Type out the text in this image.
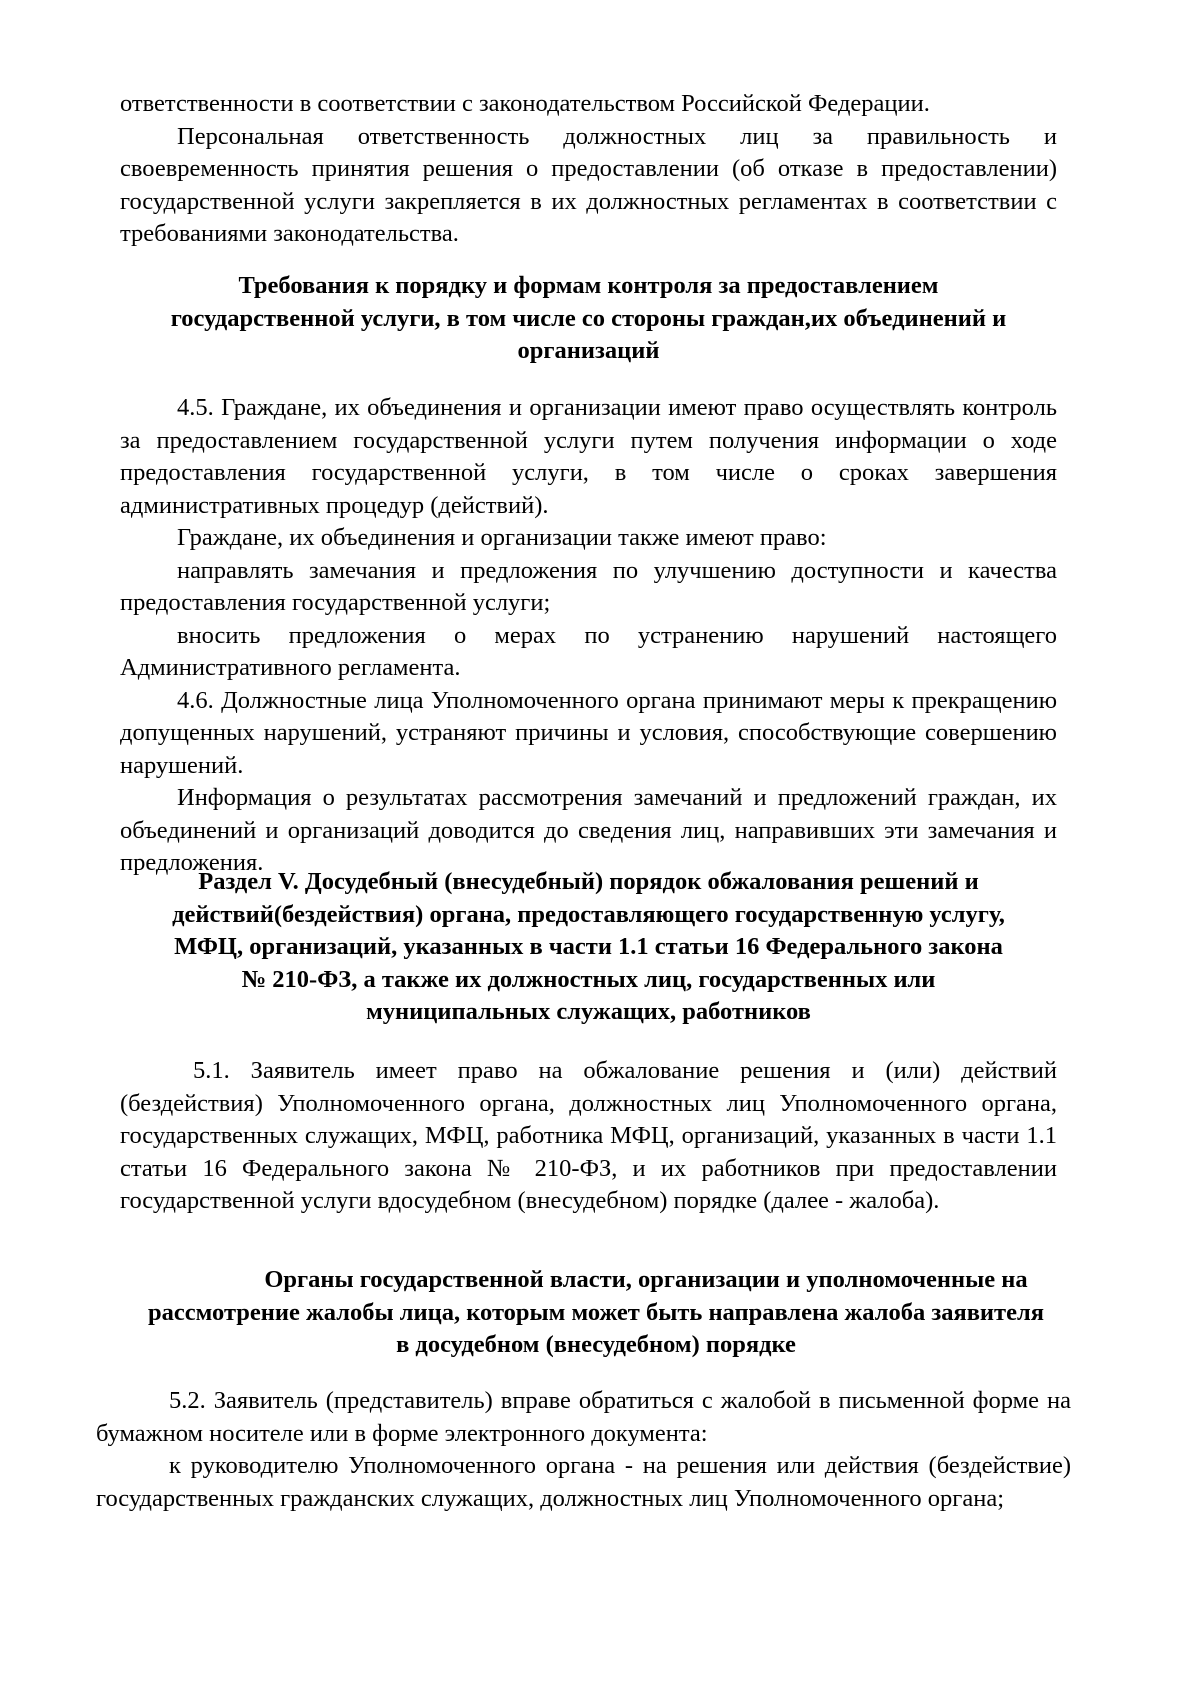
ответственности в соответствии с законодательством Российской Федерации.

Персональная ответственность должностных лиц за правильность и своевременность принятия решения о предоставлении (об отказе в предоставлении) государственной услуги закрепляется в их должностных регламентах в соответствии с требованиями законодательства.

Требования к порядку и формам контроля за предоставлением
государственной услуги, в том числе со стороны граждан,их объединений и
организаций

4.5. Граждане, их объединения и организации имеют право осуществлять контроль за предоставлением государственной услуги путем получения информации о ходе предоставления государственной услуги, в том числе о сроках завершения административных процедур (действий).

Граждане, их объединения и организации также имеют право:

направлять замечания и предложения по улучшению доступности и качества предоставления государственной услуги;

вносить предложения о мерах по устранению нарушений настоящего Административного регламента.

4.6. Должностные лица Уполномоченного органа принимают меры к прекращению допущенных нарушений, устраняют причины и условия, способствующие совершению нарушений.

Информация о результатах рассмотрения замечаний и предложений граждан, их объединений и организаций доводится до сведения лиц, направивших эти замечания и предложения.

Раздел V. Досудебный (внесудебный) порядок обжалования решений и
действий(бездействия) органа, предоставляющего государственную услугу,
МФЦ, организаций, указанных в части 1.1 статьи 16 Федерального закона
№ 210-ФЗ, а также их должностных лиц, государственных или
муниципальных служащих, работников

5.1. Заявитель имеет право на обжалование решения и (или) действий (бездействия) Уполномоченного органа, должностных лиц Уполномоченного органа, государственных служащих, МФЦ, работника МФЦ, организаций, указанных в части 1.1 статьи 16 Федерального закона № 210-ФЗ, и их работников при предоставлении государственной услуги вдосудебном (внесудебном) порядке (далее - жалоба).

Органы государственной власти, организации и уполномоченные на
рассмотрение жалобы лица, которым может быть направлена жалоба заявителя
в досудебном (внесудебном) порядке

5.2. Заявитель (представитель) вправе обратиться с жалобой в письменной форме на бумажном носителе или в форме электронного документа:

к руководителю Уполномоченного органа - на решения или действия (бездействие) государственных гражданских служащих, должностных лиц Уполномоченного органа;
